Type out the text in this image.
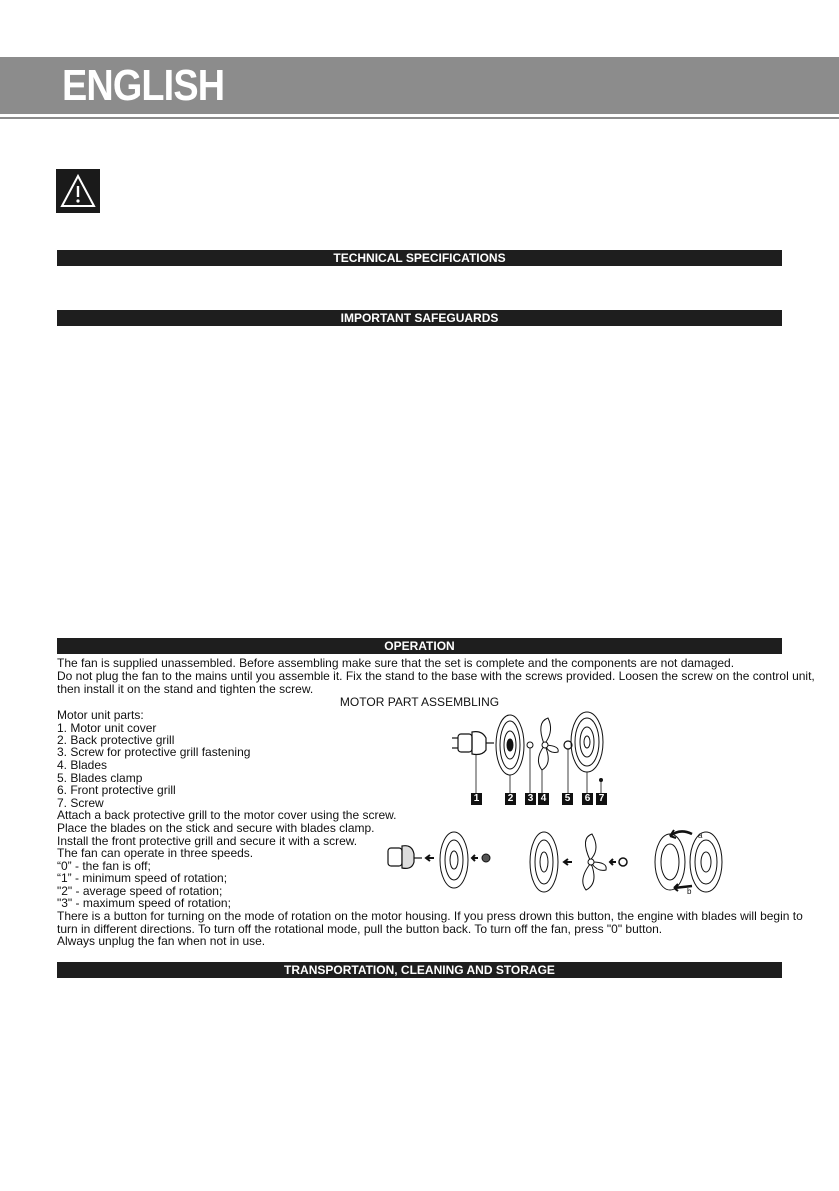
ENGLISH
TECHNICAL SPECIFICATIONS
IMPORTANT SAFEGUARDS
OPERATION
The fan is supplied unassembled. Before assembling make sure that the set is complete and the components are not damaged.
Do not plug the fan to the mains until you assemble it. Fix the stand to the base with the screws provided. Loosen the screw on the control unit,
then install it on the stand and tighten the screw.
MOTOR PART ASSEMBLING
Motor unit parts:
1. Motor unit cover
2. Back protective grill
3. Screw for protective grill fastening
4. Blades
5. Blades clamp
6. Front protective grill
7. Screw
Attach a back protective grill to the motor cover using the screw.
Place the blades on the stick and secure with blades clamp.
Install the front protective grill and secure it with a screw.
The fan can operate in three speeds.
“0” - the fan is off;
“1” - minimum speed of rotation;
"2" - average speed of rotation;
"3" - maximum speed of rotation;
There is a button for turning on the mode of rotation on the motor housing. If you press drown this button, the engine with blades will begin to
turn in different directions. To turn off the rotational mode, pull the button back. To turn off the fan, press "0" button.
Always unplug the fan when not in use.
TRANSPORTATION, CLEANING AND STORAGE
1	2 3 4 5 6 7
a
b
